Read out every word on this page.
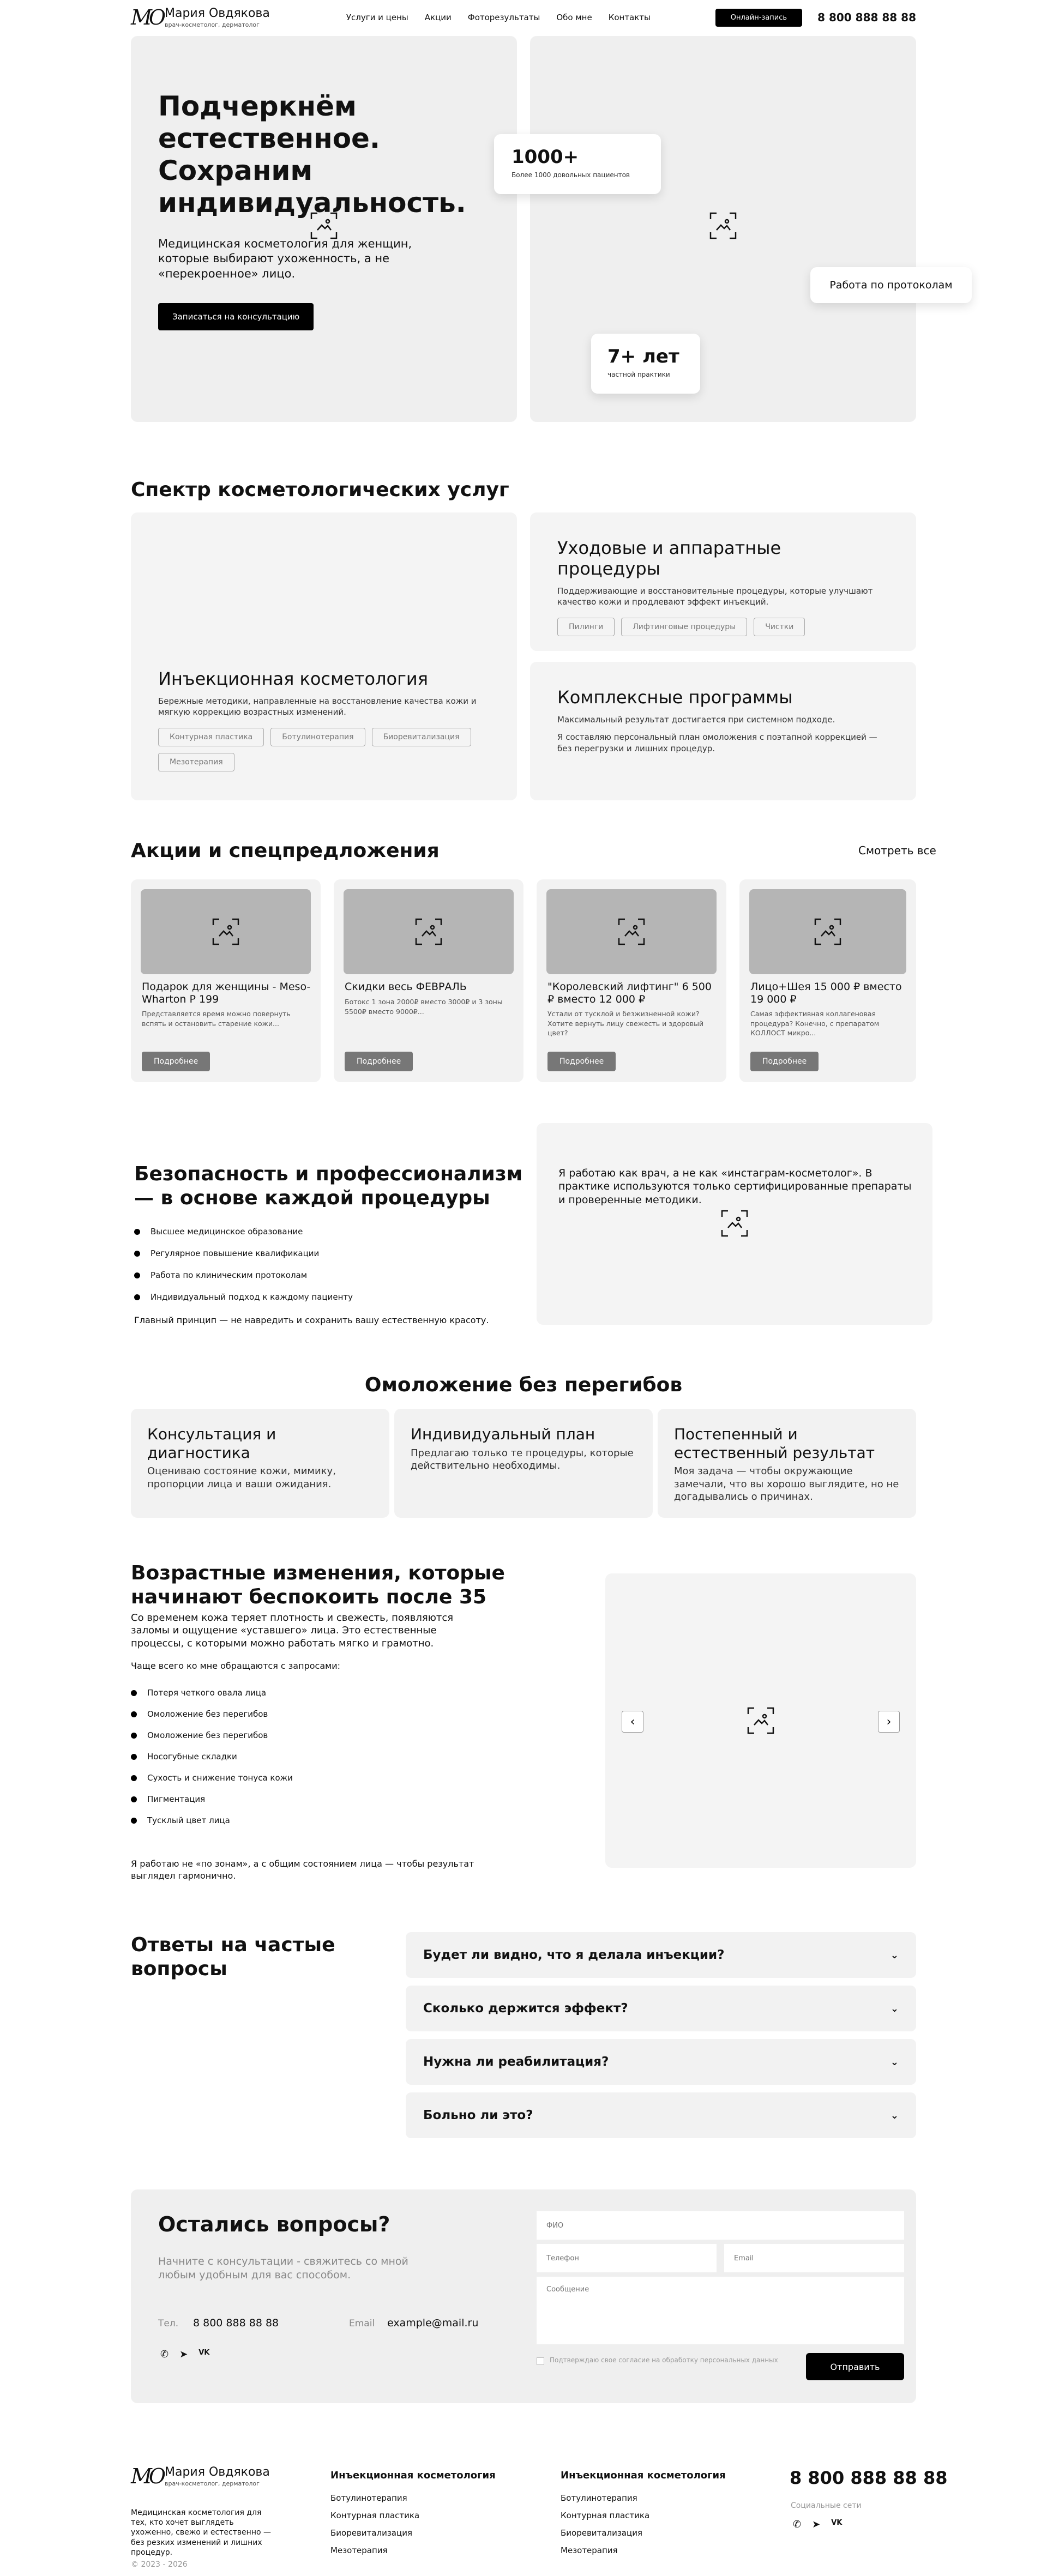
МО Мария Овдякова
врач-косметолог, дерматолог
Услуги и цены Акции Фоторезультаты Обо мне Контакты	Онлайн-запись	8 800 888 88 88
Подчеркнём естественное. Сохраним индивидуальность.
Медицинская косметология для женщин, которые выбирают ухоженность, а не «перекроенное» лицо.
Записаться на консультацию
1000+
Более 1000 довольных пациентов
Работа по протоколам
7+ лет
частной практики
Спектр косметологических услуг
Инъекционная косметология

Бережные методики, направленные на восстановление качества кожи и мягкую коррекцию возрастных изменений.

Контурная пластика	Ботулинотерапия	Биоревитализация
Мезотерапия
Уходовые и аппаратные процедуры

Поддерживающие и восстановительные процедуры, которые улучшают качество кожи и продлевают эффект инъекций.

Пилинги	Лифтинговые процедуры	Чистки
Комплексные программы

Максимальный результат достигается при системном подходе.

Я составляю персональный план омоложения с поэтапной коррекцией — без перегрузки и лишних процедур.

Акции и спецпредложения	Смотреть все
Подарок для женщины - Meso-Wharton P 199
Представляется время можно повернуть вспять и остановить старение кожи...
Подробнее
Скидки весь ФЕВРАЛЬ
Ботокс 1 зона 2000₽ вместо 3000₽ и 3 зоны 5500₽ вместо 9000₽...
Подробнее
"Королевский лифтинг" 6 500 ₽ вместо 12 000 ₽
Устали от тусклой и безжизненной кожи? Хотите вернуть лицу свежесть и здоровый цвет?
Подробнее
Лицо+Шея 15 000 ₽ вместо 19 000 ₽
Самая эффективная коллагеновая процедура? Конечно, с препаратом КОЛЛОСТ микро...
Подробнее
Безопасность и профессионализм — в основе каждой процедуры
Высшее медицинское образование
Регулярное повышение квалификации
Работа по клиническим протоколам
Индивидуальный подход к каждому пациенту
Главный принцип — не навредить и сохранить вашу естественную красоту.
Я работаю как врач, а не как «инстаграм-косметолог». В практике используются только сертифицированные препараты и проверенные методики.
Омоложение без перегибов
Консультация и диагностика

Оцениваю состояние кожи, мимику, пропорции лица и ваши ожидания.

Индивидуальный план

Предлагаю только те процедуры, которые действительно необходимы.

Постепенный и естественный результат

Моя задача — чтобы окружающие замечали, что вы хорошо выглядите, но не догадывались о причинах.

Возрастные изменения, которые начинают беспокоить после 35
Со временем кожа теряет плотность и свежесть, появляются заломы и ощущение «уставшего» лица. Это естественные процессы, с которыми можно работать мягко и грамотно.
Чаще всего ко мне обращаются с запросами:
Потеря четкого овала лица
Омоложение без перегибов
Омоложение без перегибов
Носогубные складки
Сухость и снижение тонуса кожи
Пигментация
Тусклый цвет лица
Я работаю не «по зонам», а с общим состоянием лица — чтобы результат выглядел гармонично.
‹	›
Ответы на частые вопросы
Будет ли видно, что я делала инъекции?	⌄
Сколько держится эффект?	⌄
Нужна ли реабилитация?	⌄
Больно ли это?	⌄
Остались вопросы?
Начните с консультации - свяжитесь со мной любым удобным для вас способом.
Тел. 8 800 888 88 88	Email example@mail.ru
✆ ➤ VK
ФИО
Телефон
Email
Сообщение
Подтверждаю свое согласие на обработку персональных данных
Отправить
МО Мария Овдякова
врач-косметолог, дерматолог
Медицинская косметология для тех, кто хочет выглядеть ухоженно, свежо и естественно — без резких изменений и лишних процедур.
© 2023 - 2026
Инъекционная косметология
Ботулинотерапия
Контурная пластика
Биоревитализация
Мезотерапия
Инъекционная косметология
Ботулинотерапия
Контурная пластика
Биоревитализация
Мезотерапия
8 800 888 88 88
Социальные сети
✆ ➤ VK
